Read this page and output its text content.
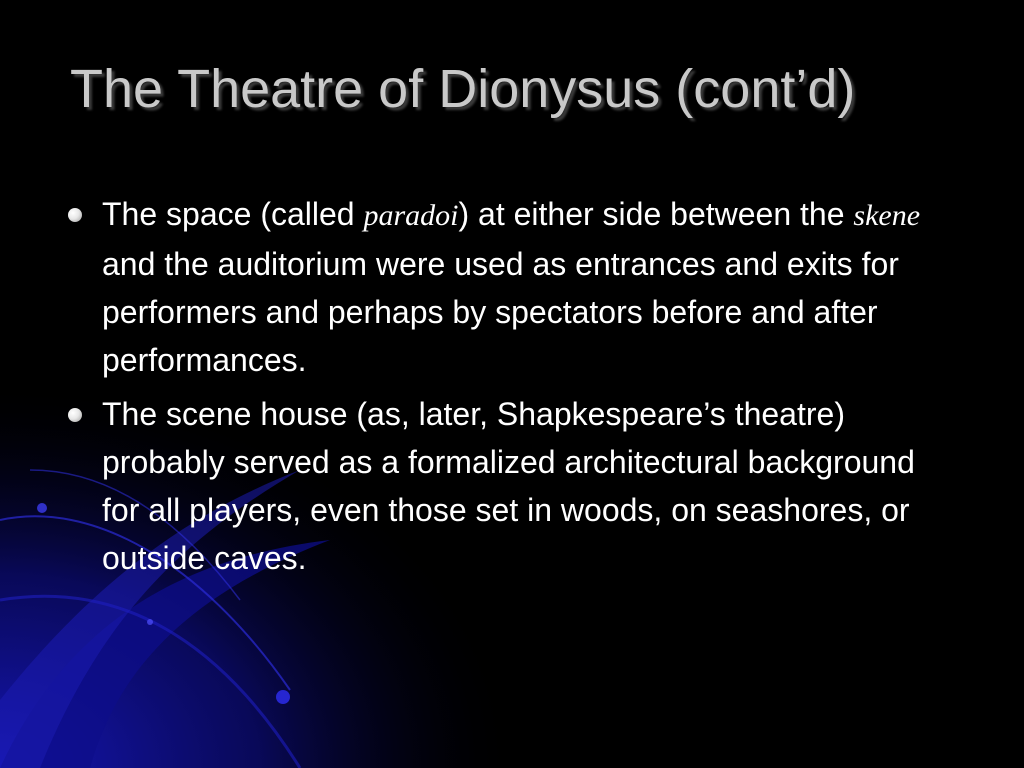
The Theatre of Dionysus (cont’d)
The space (called paradoi) at either side between the skene and the auditorium were used as entrances and exits for performers and perhaps by spectators before and after performances.
The scene house (as, later, Shapkespeare’s theatre) probably served as a formalized architectural background for all players, even those set in woods, on seashores, or outside caves.
